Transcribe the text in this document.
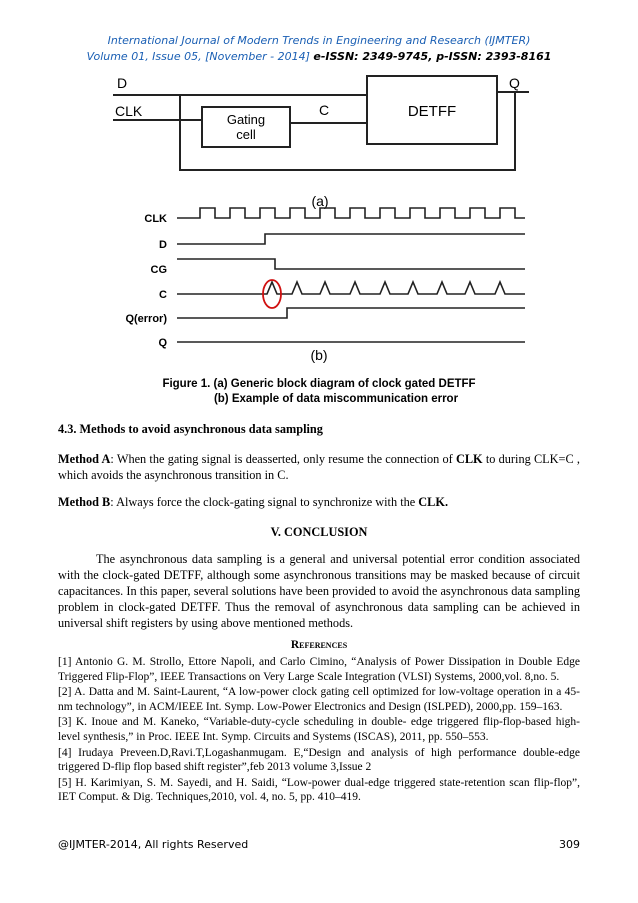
International Journal of Modern Trends in Engineering and Research (IJMTER)
Volume 01, Issue 05, [November - 2014] e-ISSN: 2349-9745, p-ISSN: 2393-8161
D
CLK
Gating
cell
C	DETFF
Q
(a)
CLK
D
CG
C
Q(error)
Q
(b)
Figure 1. (a) Generic block diagram of clock gated DETFF
(b) Example of data miscommunication error
4.3. Methods to avoid asynchronous data sampling
Method A: When the gating signal is deasserted, only resume the connection of CLK to during CLK=C , which avoids the asynchronous transition in C.
Method B: Always force the clock-gating signal to synchronize with the CLK.
V. CONCLUSION
The asynchronous data sampling is a general and universal potential error condition associated with the clock-gated DETFF, although some asynchronous transitions may be masked because of circuit capacitances. In this paper, several solutions have been provided to avoid the asynchronous data sampling problem in clock-gated DETFF. Thus the removal of asynchronous data sampling can be achieved in universal shift registers by using above mentioned methods.
References

[1] Antonio G. M. Strollo, Ettore Napoli, and Carlo Cimino, “Analysis of Power Dissipation in Double Edge Triggered Flip-Flop”, IEEE Transactions on Very Large Scale Integration (VLSI) Systems, 2000,vol. 8,no. 5.

[2] A. Datta and M. Saint-Laurent, “A low-power clock gating cell optimized for low-voltage operation in a 45-nm technology”, in ACM/IEEE Int. Symp. Low-Power Electronics and Design (ISLPED), 2000,pp. 159–163.

[3] K. Inoue and M. Kaneko, “Variable-duty-cycle scheduling in double- edge triggered flip-flop-based high-level synthesis,” in Proc. IEEE Int. Symp. Circuits and Systems (ISCAS), 2011, pp. 550–553.

[4] Irudaya Preveen.D,Ravi.T,Logashanmugam. E,“Design and analysis of high performance double-edge triggered D-flip flop based shift register”,feb 2013 volume 3,Issue 2

[5] H. Karimiyan, S. M. Sayedi, and H. Saidi, “Low-power dual-edge triggered state-retention scan flip-flop”, IET Comput. & Dig. Techniques,2010, vol. 4, no. 5, pp. 410–419.

@IJMTER-2014, All rights Reserved	309
